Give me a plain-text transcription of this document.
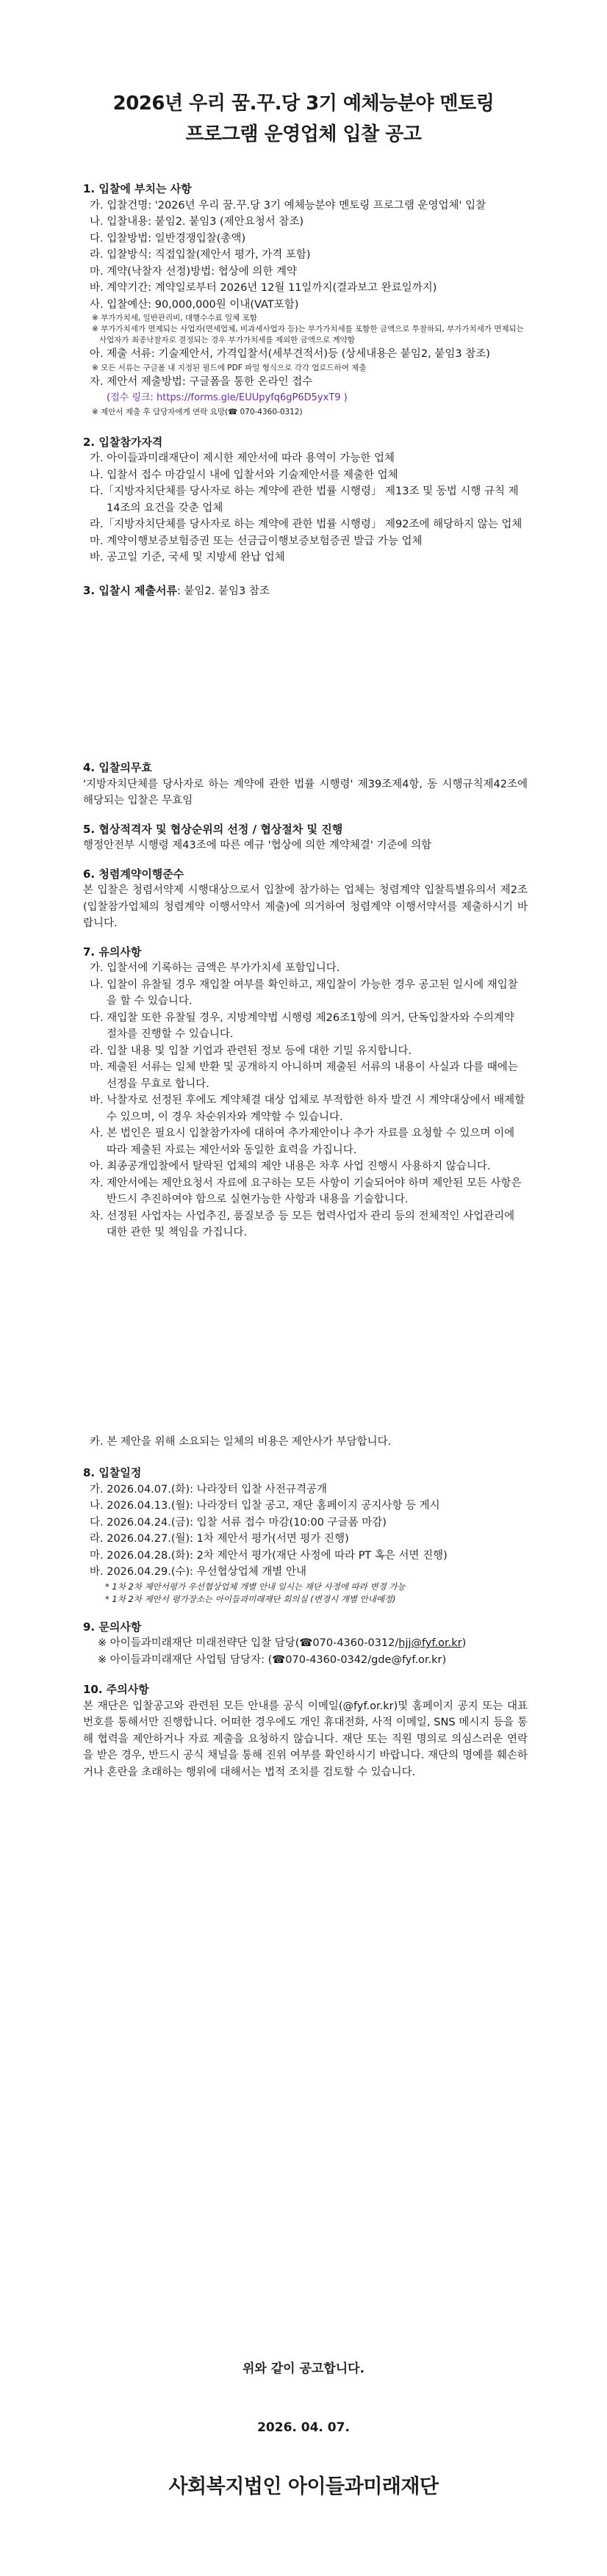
2026년 우리 꿈.꾸.당 3기 예체능분야 멘토링
프로그램 운영업체 입찰 공고

1. 입찰에 부치는 사항

가. 입찰건명: '2026년 우리 꿈.꾸.당 3기 예체능분야 멘토링 프로그램 운영업체' 입찰

나. 입찰내용: 붙임2. 붙임3 (제안요청서 참조)

다. 입찰방법: 일반경쟁입찰(총액)

라. 입찰방식: 직접입찰(제안서 평가, 가격 포함)

마. 계약(낙찰자 선정)방법: 협상에 의한 계약

바. 계약기간: 계약일로부터 2026년 12월 11일까지(결과보고 완료일까지)

사. 입찰예산: 90,000,000원 이내(VAT포함)

※ 부가가치세, 일반관리비, 대행수수료 일체 포함

※ 부가가치세가 면제되는 사업자(면세업체, 비과세사업자 등)는 부가가치세를 포함한 금액으로 투찰하되, 부가가치세가 면제되는 사업자가 최종낙찰자로 결정되는 경우 부가가치세를 제외한 금액으로 계약함

아. 제출 서류: 기술제안서, 가격입찰서(세부견적서)등 (상세내용은 붙임2, 붙임3 참조)

※ 모든 서류는 구글폼 내 지정된 필드에 PDF 파일 형식으로 각각 업로드하여 제출

자. 제안서 제출방법: 구글폼을 통한 온라인 접수

(접수 링크: https://forms.gle/EUUpyfq6gP6D5yxT9 )

※ 제안서 제출 후 담당자에게 연락 요망(☎ 070-4360-0312)

2. 입찰참가자격

가. 아이들과미래재단이 제시한 제안서에 따라 용역이 가능한 업체

나. 입찰서 접수 마감일시 내에 입찰서와 기술제안서를 제출한 업체

다.「지방자치단체를 당사자로 하는 계약에 관한 법률 시행령」 제13조 및 동법 시행 규칙 제14조의 요건을 갖춘 업체

라.「지방자치단체를 당사자로 하는 계약에 관한 법률 시행령」 제92조에 해당하지 않는 업체

마. 계약이행보증보험증권 또는 선금급이행보증보험증권 발급 가능 업체

바. 공고일 기준, 국세 및 지방세 완납 업체

3. 입찰시 제출서류: 붙임2. 붙임3 참조

4. 입찰의무효

'지방자치단체를 당사자로 하는 계약에 관한 법률 시행령' 제39조제4항, 동 시행규칙제42조에 해당되는 입찰은 무효임

5. 협상적격자 및 협상순위의 선정 / 협상절차 및 진행

행정안전부 시행령 제43조에 따른 예규 '협상에 의한 계약체결' 기준에 의함

6. 청렴계약이행준수

본 입찰은 청렴서약제 시행대상으로서 입찰에 참가하는 업체는 청렴계약 입찰특별유의서 제2조(입찰참가업체의 청렴계약 이행서약서 제출)에 의거하여 청렴계약 이행서약서를 제출하시기 바랍니다.

7. 유의사항

가. 입찰서에 기록하는 금액은 부가가치세 포함입니다.

나. 입찰이 유찰될 경우 재입찰 여부를 확인하고, 재입찰이 가능한 경우 공고된 일시에 재입찰을 할 수 있습니다.

다. 재입찰 또한 유찰될 경우, 지방계약법 시행령 제26조1항에 의거, 단독입찰자와 수의계약 절차를 진행할 수 있습니다.

라. 입찰 내용 및 입찰 기업과 관련된 정보 등에 대한 기밀 유지합니다.

마. 제출된 서류는 일체 반환 및 공개하지 아니하며 제출된 서류의 내용이 사실과 다를 때에는 선정을 무효로 합니다.

바. 낙찰자로 선정된 후에도 계약체결 대상 업체로 부적합한 하자 발견 시 계약대상에서 배제할 수 있으며, 이 경우 차순위자와 계약할 수 있습니다.

사. 본 법인은 필요시 입찰참가자에 대하여 추가제안이나 추가 자료를 요청할 수 있으며 이에 따라 제출된 자료는 제안서와 동일한 효력을 가집니다.

아. 최종공개입찰에서 탈락된 업체의 제안 내용은 차후 사업 진행시 사용하지 않습니다.

자. 제안서에는 제안요청서 자료에 요구하는 모든 사항이 기술되어야 하며 제안된 모든 사항은 반드시 추진하여야 함으로 실현가능한 사항과 내용을 기술합니다.

차. 선정된 사업자는 사업추진, 품질보증 등 모든 협력사업자 관리 등의 전체적인 사업관리에 대한 관한 및 책임을 가집니다.

카. 본 제안을 위해 소요되는 일체의 비용은 제안사가 부담합니다.

8. 입찰일정

가. 2026.04.07.(화): 나라장터 입찰 사전규격공개

나. 2026.04.13.(월): 나라장터 입찰 공고, 재단 홈페이지 공지사항 등 게시

다. 2026.04.24.(금): 입찰 서류 접수 마감(10:00 구글폼 마감)

라. 2026.04.27.(월): 1차 제안서 평가(서면 평가 진행)

마. 2026.04.28.(화): 2차 제안서 평가(재단 사정에 따라 PT 혹은 서면 진행)

바. 2026.04.29.(수): 우선협상업체 개별 안내

* 1차 2차 제안서평가 우선협상업체 개별 안내 일시는 재단 사정에 따라 변경 가능

* 1차 2차 제안서 평가장소는 아이들과미래재단 회의실 (변경시 개별 안내예정)

9. 문의사항

※ 아이들과미래재단 미래전략단 입찰 담당(☎070-4360-0312/hjj@fyf.or.kr)

※ 아이들과미래재단 사업팀 담당자: (☎070-4360-0342/gde@fyf.or.kr)

10. 주의사항

본 재단은 입찰공고와 관련된 모든 안내를 공식 이메일(@fyf.or.kr)및 홈페이지 공지 또는 대표번호를 통해서만 진행합니다. 어떠한 경우에도 개인 휴대전화, 사적 이메일, SNS 메시지 등을 통해 협력을 제안하거나 자료 제출을 요청하지 않습니다. 재단 또는 직원 명의로 의심스러운 연락을 받은 경우, 반드시 공식 채널을 통해 진위 여부를 확인하시기 바랍니다. 재단의 명예를 훼손하거나 혼란을 초래하는 행위에 대해서는 법적 조치를 검토할 수 있습니다.

위와 같이 공고합니다.

2026. 04. 07.

사회복지법인 아이들과미래재단
